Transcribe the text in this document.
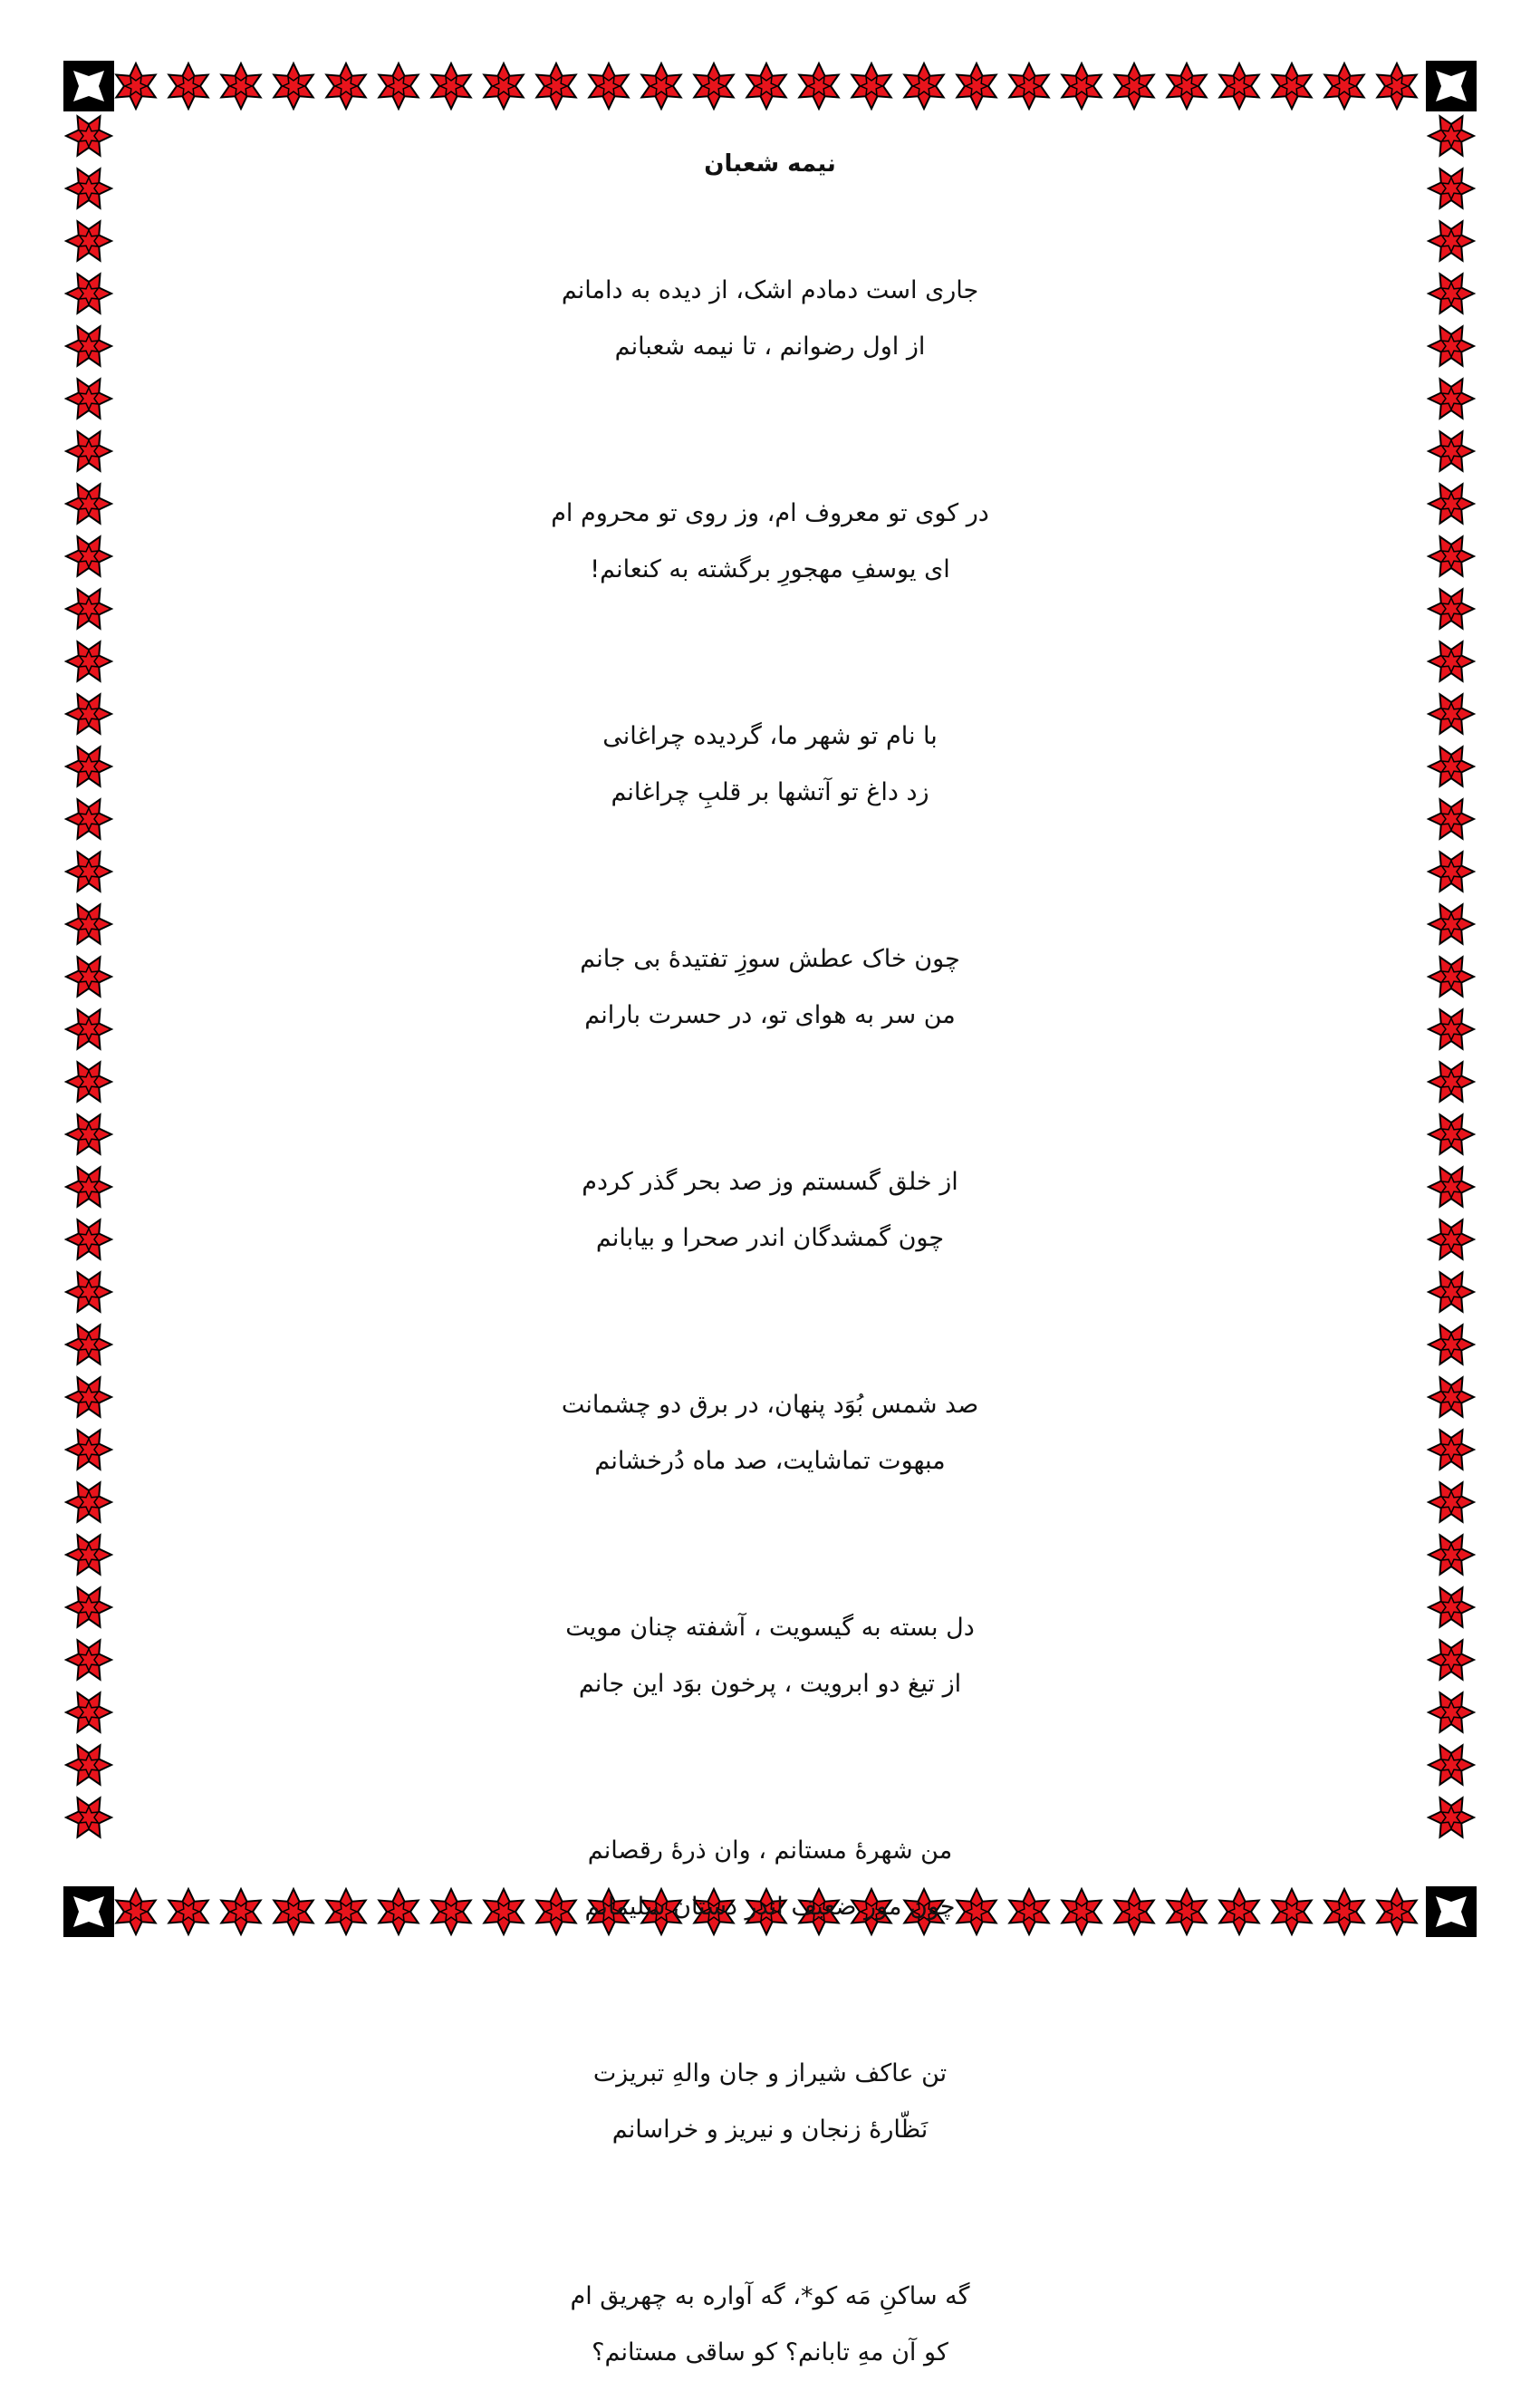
نیمه شعبان
جاری است دمادم اشک، از دیده به دامانم
از اول رضوانم ، تا نیمه شعبانم
در کوی تو معروف ام، وز روی تو محروم ام
ای یوسفِ مهجورِ برگشته به کنعانم!
با نام تو شهر ما، گردیده چراغانی
زد داغ تو آتشها بر قلبِ چراغانم
چون خاک عطش سوزِ تفتیدهٔ بی جانم
من سر به هوای تو، در حسرت بارانم
از خلق گسستم وز صد بحر گذر کردم
چون گمشدگان اندر صحرا و بیابانم
صد شمس بُوَد پنهان، در برق دو چشمانت
مبهوت تماشایت، صد ماه دُرخشانم
دل بسته به گیسویت ، آشفته چنان مویت
از تیغ دو ابرویت ، پرخون بوَد این جانم
من شهرهٔ مستانم ، وان ذرهٔ رقصانم
چون مور ضعیف اندر دستان سلیمانم
تن عاکف شیراز و جان والهِ تبریزت
نَظّارهٔ زنجان و نیریز و خراسانم
گه ساکنِ مَه کو*، گه آواره به چهریق ام
کو آن مهِ تابانم؟ کو ساقی مستانم؟
